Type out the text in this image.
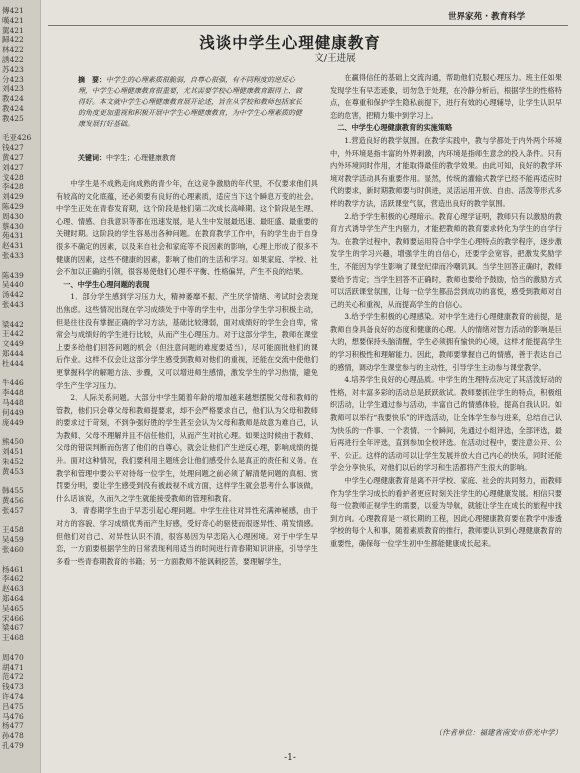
傳421
嘆421
駕421
歸422
林422
誘422
苏423
分423
刘423
教424
教424
教425
毛亚426
钱427
黄427
刘427
戈428
李428
刘429
陈429
周430
蔡430
苑431
赵431
张433
陈439
吴440
汤442
张443
梁442
王442
文449
郑444
杜444
牛446
李448
马448
何449
庞449
熊450
刘451
朱452
黄453
韩455
黄456
张457
王458
吴459
张460
杨461
李462
赵463
郑464
吴465
宋466
梁467
王468
周470
胡471
范472
钱473
许474
吕475
马476
杨477
孙478
孔479
世界家苑 · 教育科学
浅谈中学生心理健康教育
文/王进展
摘　要：中学生的心理素质很脆弱，自尊心很强，有不同程度的逆反心理，中学生心理健康教育很重要，尤其需要学校心理健康教育跟得上、做得好。本文就中学生心理健康教育展开论述，旨在从学校和教师包括家长的角度更加重视和积极开展中学生心理健康教育，为中学生心理素质的健康发展打好基础。
关键词：中学生；心理健康教育

中学生是不成熟走向成熟的青少年，在这竞争激励的年代里，不仅要求他们具有较高的文化底蕴，还必须要有良好的心理素质，适应当下这个瞬息万变的社会。中学生正处在青春发育期，这个阶段是他们第二次成长高峰期。这个阶段是生理、心理、情感、自我意识等都在迅速发展，是人生中发展最迅速、最旺盛、最重要的关键时期。这阶段的学生容易出各种问题。在教育教学工作中，有的学生由于自身很多不确定的因素，以及来自社会和家庭等不良因素的影响，心理上形成了很多不健康的因素，这些不健康的因素，影响了他们的生活和学习。如果家庭、学校、社会不加以正确的引领，很容易使他们心理不平衡、性格偏异，产生不良的结果。

一、中学生心理问题的表现

1．部分学生感到学习压力大，精神萎靡不振、产生厌学情绪、考试时会表现出焦虑。这些情况出现在学习成绩处于中等的学生中，出部分学生学习积极主动，但是往往没有掌握正确的学习方法，基础比较薄弱，面对成绩好的学生会自卑，常常会与成绩好的学生进行比较，从而产生心理压力。对于这部分学生，教师在课堂上要多给他们回答问题的机会（但注意问题的难度要适当），尽可能面批他们的课后作业。这样不仅会让这部分学生感受到教师对他们的重视，还能在交流中使他们更掌握科学的解题方法、步骤，又可以增进师生感情，激发学生的学习热情，避免学生产生学习压力。

2．人际关系问题。大部分中学生随着年龄的增加越来越想摆脱父母和教师的管教，他们只会尊父母和教师提要求，却不会严格要求自己，他们认为父母和教师的要求过于苛刻，不到争强好胜的学生甚至会认为父母和教师是故意为难自己，认为教师、父母不理解并且不信任他们，从而产生对抗心理。如果这时候由于教师、父母的错误判断而伤害了他们的自尊心，就会让他们产生逆反心理，影响成绩的提升。面对这种情况，我们要利用主题班会让他们感受什么是真正的责任和义务。在教学和管理中要公平对待每一位学生，处理问题之前必须了解清楚问题的真相、赏罚要分明，要让学生感受到没有被歧视不成方面，这样学生就会思考什么事该做，什么话该说，久而久之学生就能接受教师的管理和教育。

3．青春期学生由于早恋引起心理问题。中学生往往对异性充满神秘感，由于对方的容貌、学习成绩优秀而产生好感，受好奇心的驱使而很逐异性、萌发情感。但他们对自己、对异性认识不清，很容易因为早恋陷入心理困境。对于中学生早恋，一方面要根据学生的日常表现利用适当的时间进行青春期知识讲座，引导学生多看一些青春期教育的书籍；另一方面教师不能讽刺挖苦，要理解学生，

在赢得信任的基础上交流沟通，帮助他们克服心理压力。班主任如果发现学生有早恋迹象，切勿急于处理，在冷静分析后，根据学生的性格特点，在尊重和保护学生隐私前提下，进行有效的心理辅导，让学生认识早恋的危害，把精力集中到学习上。

二、中学生心理健康教育的实施策略

1.营造良好的教学氛围。在教学实践中，教与学都处于内外两个环境中，外环境是指丰富的外界刺激，内环境是指师生意念的投入条件。只有内外环境同时作用，才能取得最佳的教学效果。由此可知，良好的教学环境对教学活动具有重要作用。显然，传统的灌输式教学已经不能再适应时代的要求，新时期教师要与时俱进，灵活运用开放、自由、活泼等形式多样的教学方法，活跃课堂气氛，营造出良好的教学氛围。

2.给予学生积极的心理暗示。教育心理学证明，教师只有以激励的教育方式诱导学生产生内驱力，才能把教师的教育要求转化为学生的自学行为。在教学过程中，教师要运用符合中学生心理特点的教学程序，逐步激发学生的学习兴趣，增强学生的自信心，还要学会宽容，把激发奖励学生，不能因为学生影响了课堂纪律而冷嘲讥讽。当学生回答正确时，教师要给予肯定；当学生回答不正确时，教师也要给予鼓励，恰当的激励方式可以活跃课堂氛围，让每一位学生都品尝到成功的喜悦，感受到教师对自己的关心和重视，从而提高学生的自信心。

3.给予学生积极的心理感染。对中学生进行心理健康教育的前提，是教师自身具备良好的态度和健康的心理。人的情绪对智力活动的影响是巨大的，想要保持头脑清醒，学生必须拥有愉快的心境，这样才能提高学生的学习积极性和理解能力。因此，教师要掌握自己的情感，善于表达自己的感情，调动学生课堂参与的主动性，引导学生主动参与课堂教学。

4.培养学生良好的心理品质。中学生的生理特点决定了其活泼好动的性格，对丰富多彩的活动总是跃跃欲试。教师要抓住学生的特点，积极组织活动，让学生通过参与活动，丰富自己的情感体验，提高自我认识。如教师可以举行“我要快乐”的评选活动，让全体学生参与进来，总结自己认为快乐的一件事、一个表情、一个瞬间，先通过小组评选，全部评选，最后再进行全年评选，直到参加全校评选。在活动过程中，要注意公开、公平、公正。这样的活动可以让学生发展并放大自己内心的快乐，同时还能学会分享快乐，对他们以后的学习和生活都将产生很大的影响。

中学生心理健康教育是离不开学校、家庭、社会的共同努力，而教师作为学生学习成长的看护者更应时刻关注学生的心理健康发展。相信只要每一位教师正视学生的需要，以爱为导航，就能让学生在成长的旅程中找到方向。心理教育是一项长期的工程，因此心理健康教育要在教学中渗透学校的每个人和事，随着素质教育的推行，教师要认识到心理健康教育的重要性，确保每一位学生初中生都能健康成长起来。

（作者单位：福建省南安市侨光中学）
-1-
